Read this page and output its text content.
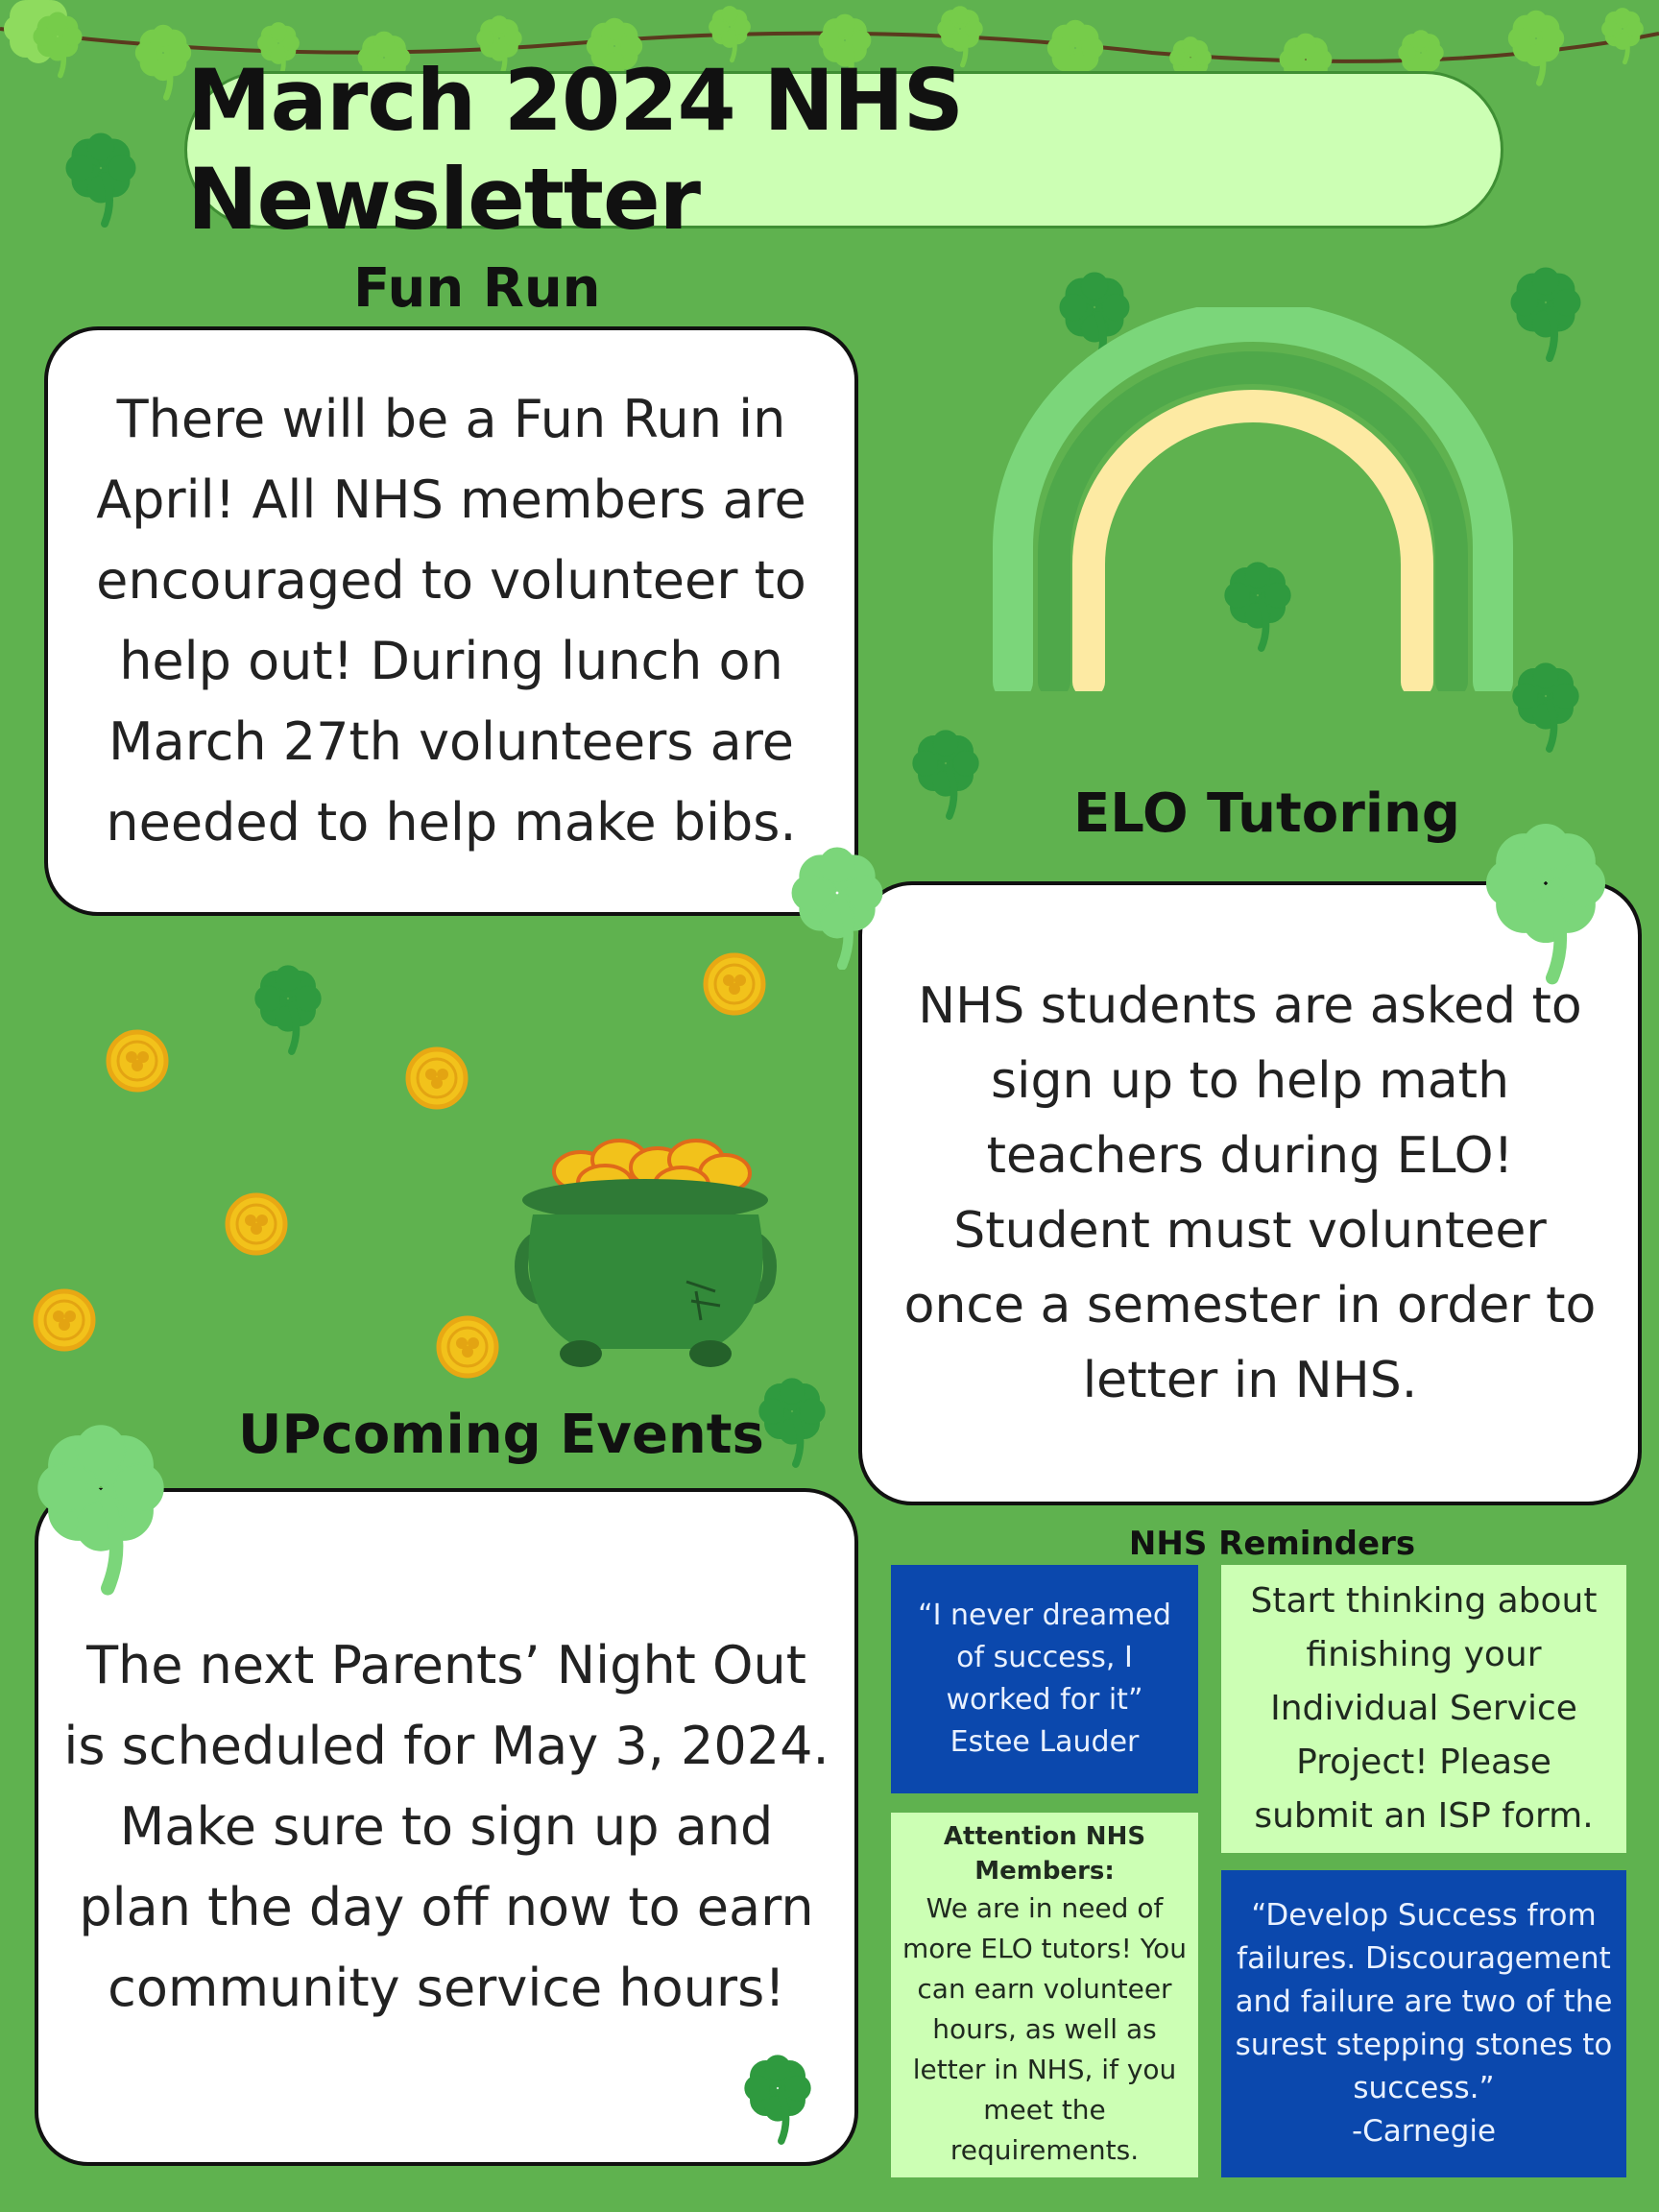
March 2024 NHS Newsletter
Fun Run

There will be a Fun Run in April! All NHS members are encouraged to volunteer to help out! During lunch on March 27th volunteers are needed to help make bibs.	ELO Tutoring

NHS students are asked to sign up to help math teachers during ELO! Student must volunteer once a semester in order to letter in NHS.

UPcoming Events

The next Parents’ Night Out is scheduled for May 3, 2024. Make sure to sign up and plan the day off now to earn community service hours!

NHS Reminders
“I never dreamed of success, I worked for it”
Estee Lauder
Start thinking about finishing your Individual Service Project! Please submit an ISP form.
Attention NHS Members:
We are in need of more ELO tutors! You can earn volunteer hours, as well as letter in NHS, if you meet the requirements.
“Develop Success from failures. Discouragement and failure are two of the surest stepping stones to success.”
-Carnegie
